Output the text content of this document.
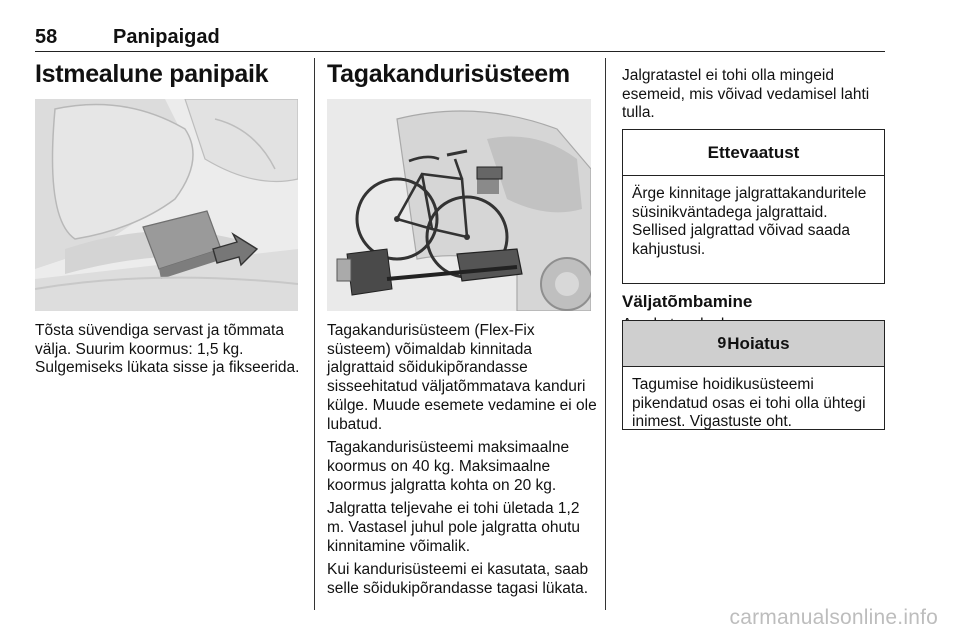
58	Panipaigad
Istmealune panipaik

Tõsta süvendiga servast ja tõmmata välja. Suurim koormus: 1,5 kg. Sulgemiseks lükata sisse ja fikseerida.

Tagakandurisüsteem

Tagakandurisüsteem (Flex-Fix süsteem) võimaldab kinnitada jalgrattaid sõidukipõrandasse sisseehitatud väljatõmmatava kanduri külge. Muude esemete vedamine ei ole lubatud.

Tagakandurisüsteemi maksimaalne koormus on 40 kg. Maksimaalne koormus jalgratta kohta on 20 kg.

Jalgratta teljevahe ei tohi ületada 1,2 m. Vastasel juhul pole jalgratta ohutu kinnitamine võimalik.

Kui kandurisüsteemi ei kasutata, saab selle sõidukipõrandasse tagasi lükata.

Jalgratastel ei tohi olla mingeid esemeid, mis võivad vedamisel lahti tulla.

Ettevaatust
Ärge kinnitage jalgrattakanduritele süsinikväntadega jalgrattaid. Sellised jalgrattad võivad saada kahjustusi.
Väljatõmbamine

9 Hoiatus
Tagumise hoidikusüsteemi pikendatud osas ei tohi olla ühtegi inimest. Vigastuste oht.
carmanualsonline.info
